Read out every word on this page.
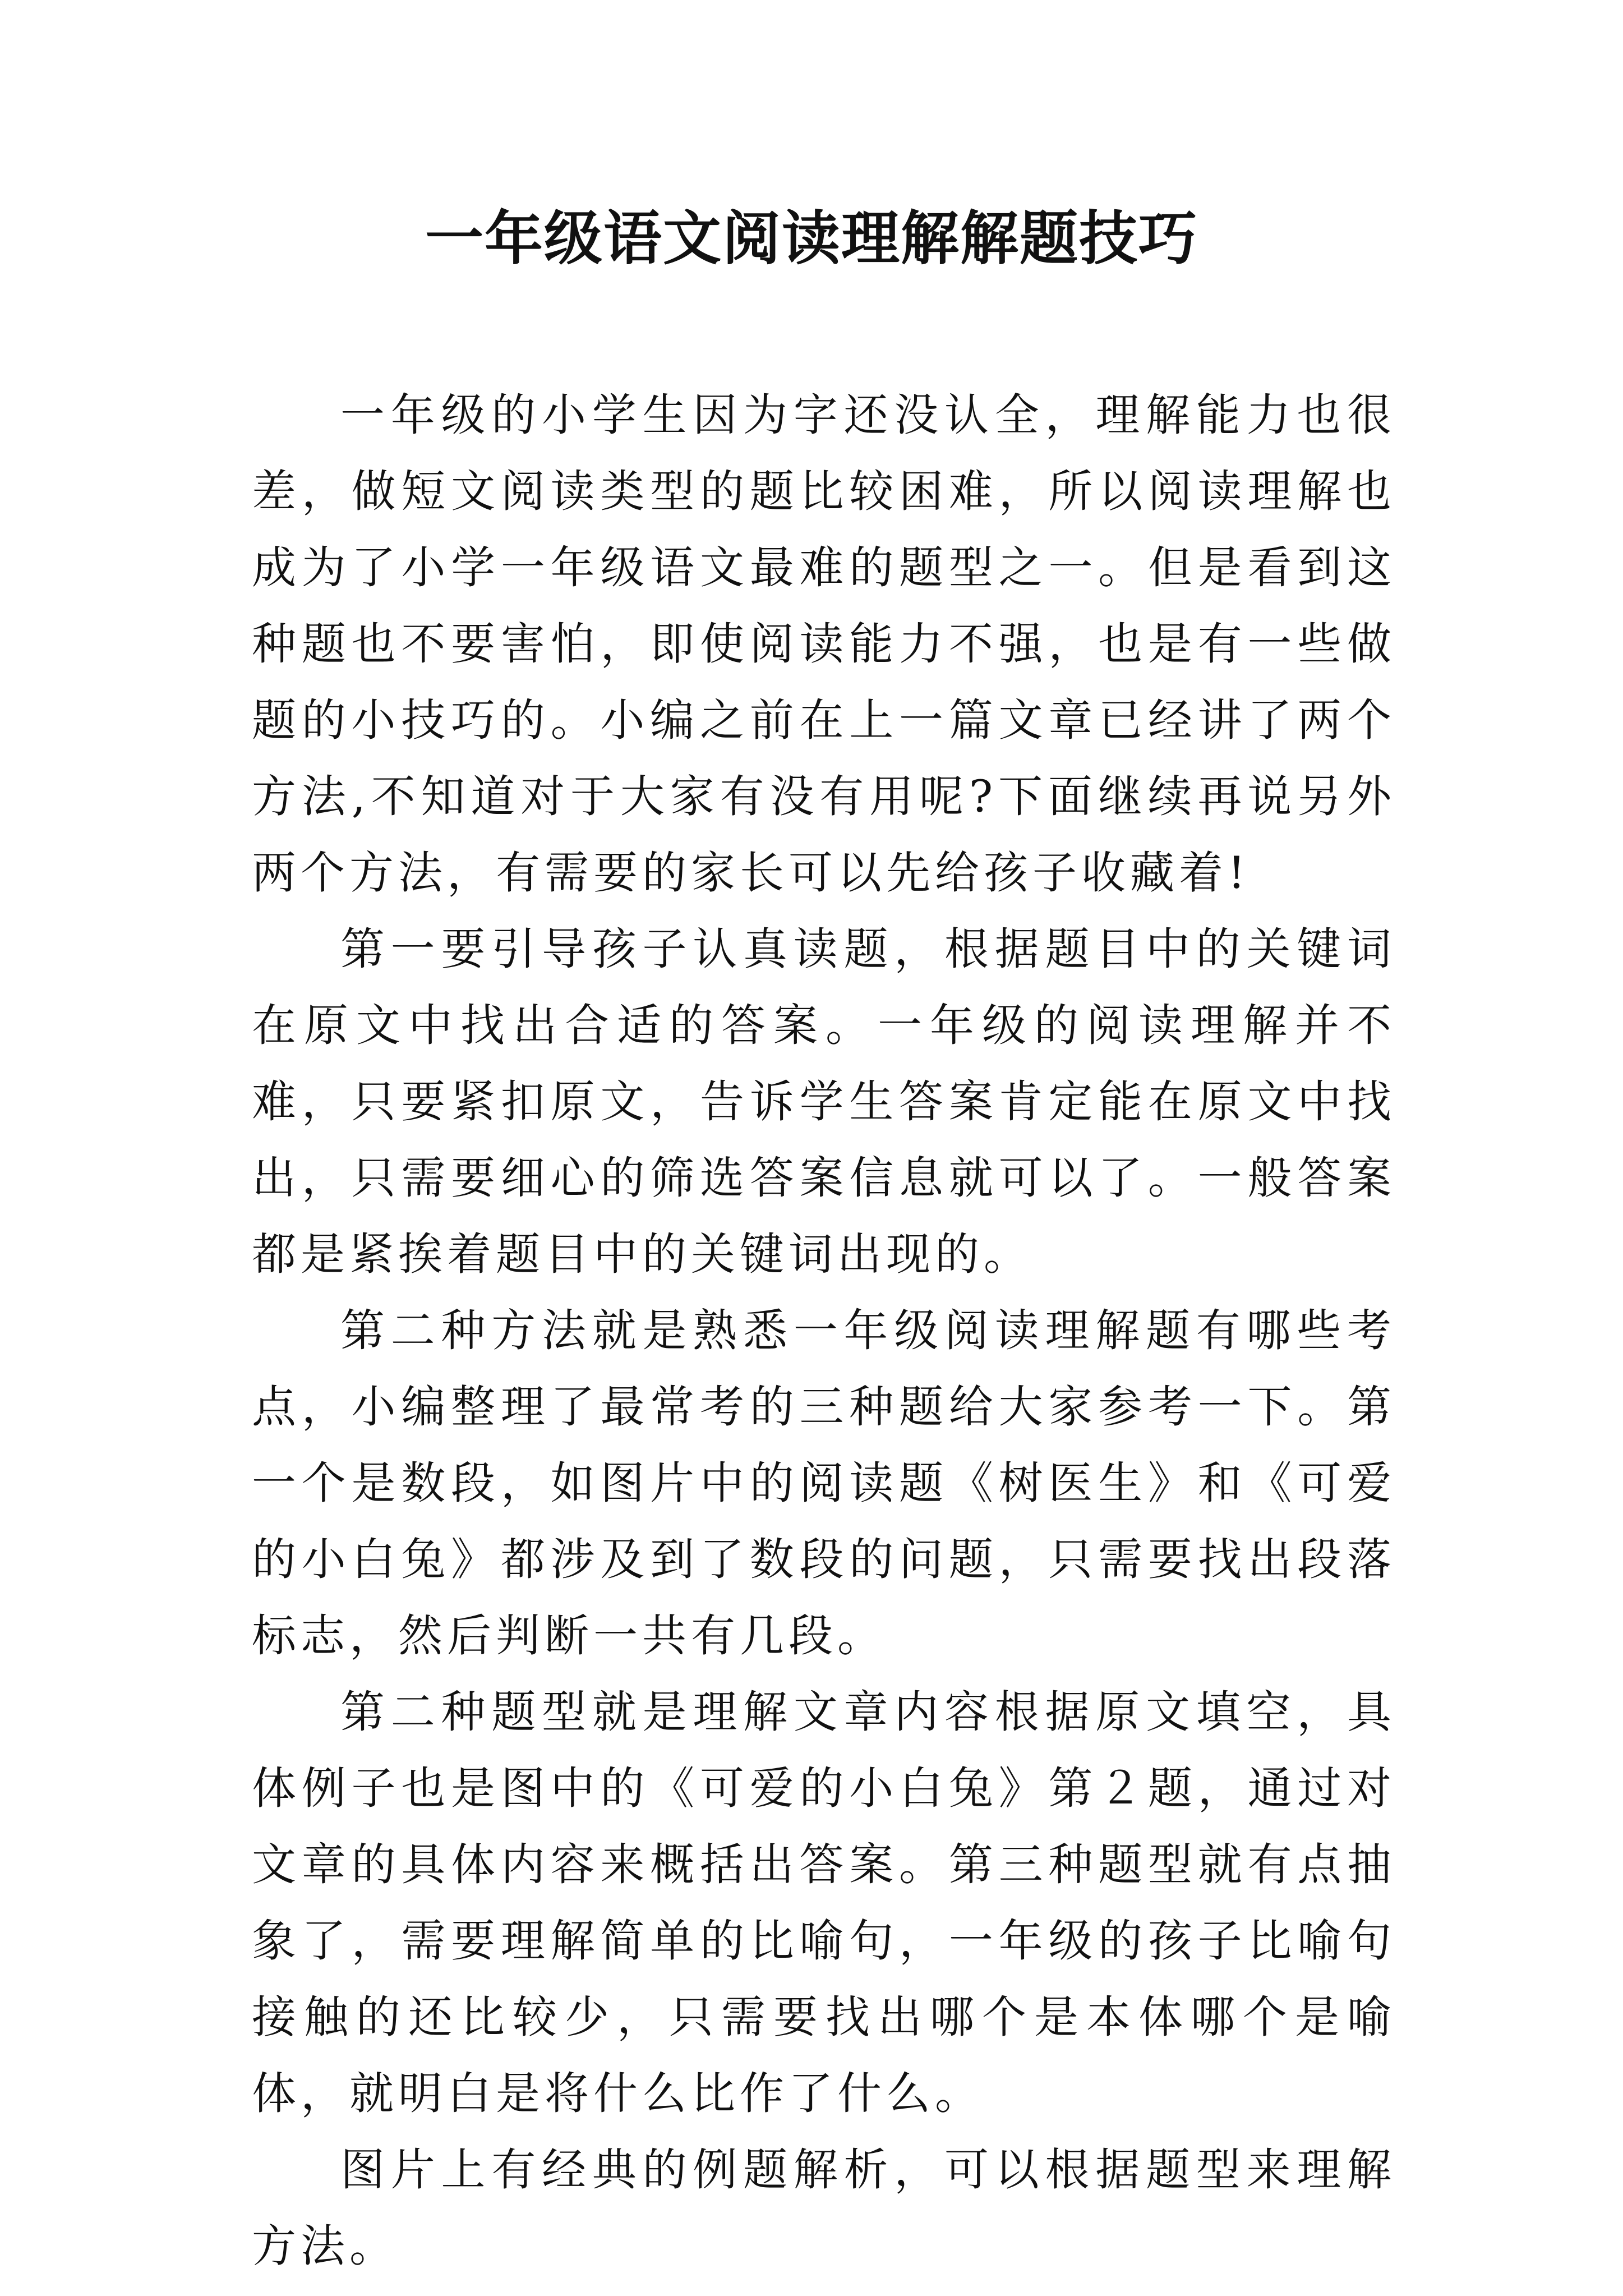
一年级语文阅读理解解题技巧

一年级的小学生因为字还没认全，理解能力也很差，做短文阅读类型的题比较困难，所以阅读理解也成为了小学一年级语文最难的题型之一。但是看到这种题也不要害怕，即使阅读能力不强，也是有一些做题的小技巧的。小编之前在上一篇文章已经讲了两个方法,不知道对于大家有没有用呢?下面继续再说另外两个方法，有需要的家长可以先给孩子收藏着!

第一要引导孩子认真读题，根据题目中的关键词在原文中找出合适的答案。一年级的阅读理解并不难，只要紧扣原文，告诉学生答案肯定能在原文中找出，只需要细心的筛选答案信息就可以了。一般答案都是紧挨着题目中的关键词出现的。

第二种方法就是熟悉一年级阅读理解题有哪些考点，小编整理了最常考的三种题给大家参考一下。第一个是数段，如图片中的阅读题《树医生》和《可爱的小白兔》都涉及到了数段的问题，只需要找出段落标志，然后判断一共有几段。

第二种题型就是理解文章内容根据原文填空，具体例子也是图中的《可爱的小白兔》第２题，通过对文章的具体内容来概括出答案。第三种题型就有点抽象了，需要理解简单的比喻句，一年级的孩子比喻句接触的还比较少，只需要找出哪个是本体哪个是喻体，就明白是将什么比作了什么。

图片上有经典的例题解析，可以根据题型来理解方法。
